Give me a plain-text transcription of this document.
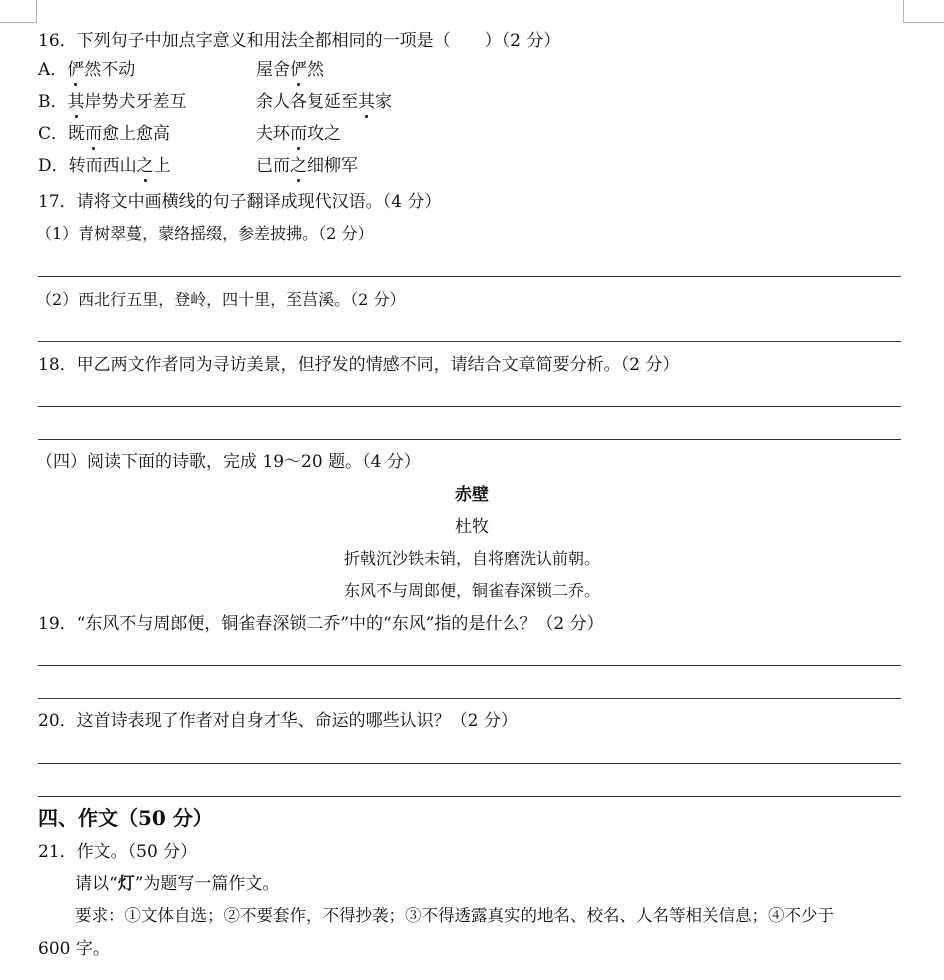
16．下列句子中加点字意义和用法全都相同的一项是（　　）（2 分）
A．俨然不动	屋舍俨然
B．其岸势犬牙差互	余人各复延至其家
C．既而愈上愈高	夫环而攻之
D．转而西山之上	已而之细柳军
17．请将文中画横线的句子翻译成现代汉语。（4 分）
（1）青树翠蔓，蒙络摇缀，参差披拂。（2 分）
（2）西北行五里，登岭，四十里，至莒溪。（2 分）
18．甲乙两文作者同为寻访美景，但抒发的情感不同，请结合文章简要分析。（2 分）
（四）阅读下面的诗歌，完成 19～20 题。（4 分）
赤壁
杜牧
折戟沉沙铁未销，自将磨洗认前朝。
东风不与周郎便，铜雀春深锁二乔。
19．“东风不与周郎便，铜雀春深锁二乔”中的“东风”指的是什么？（2 分）
20．这首诗表现了作者对自身才华、命运的哪些认识？（2 分）
四、作文（50 分）
21．作文。（50 分）
请以“灯”为题写一篇作文。
要求：①文体自选；②不要套作，不得抄袭；③不得透露真实的地名、校名、人名等相关信息；④不少于
600 字。
